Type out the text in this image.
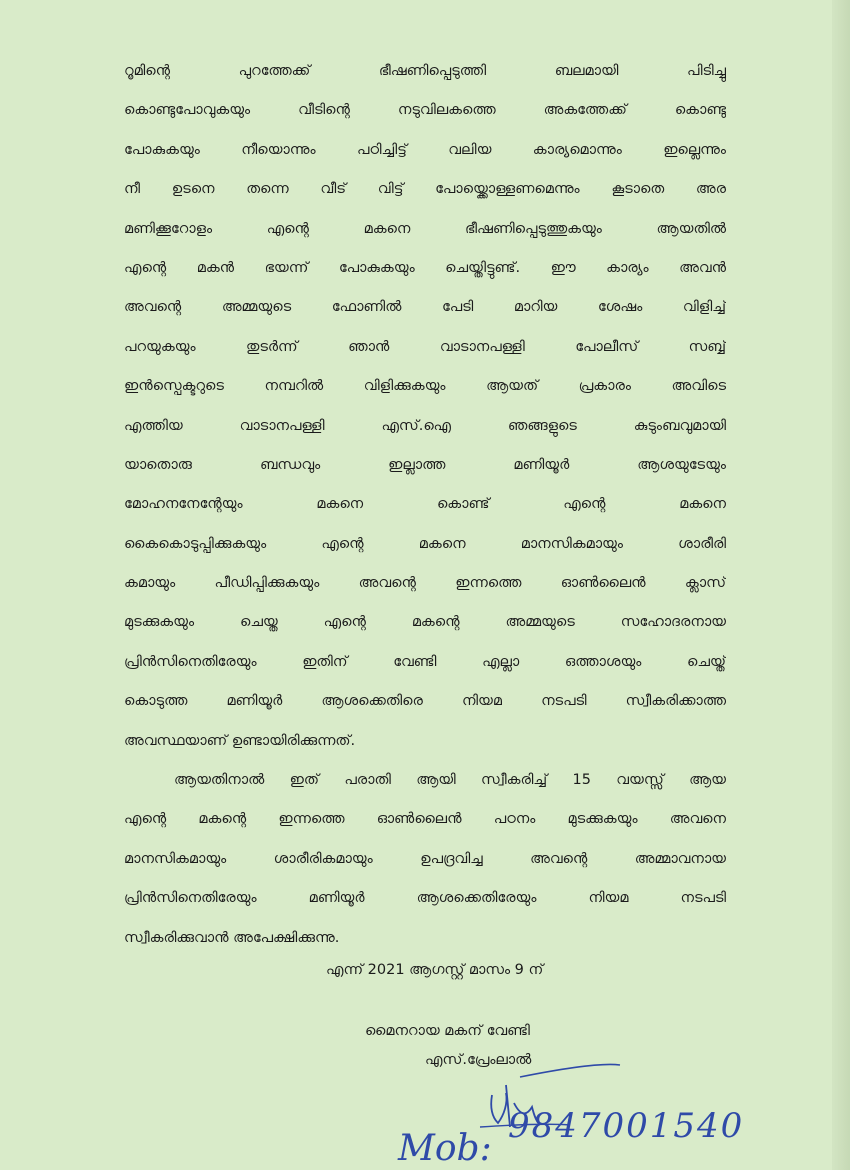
റൂമിന്റെ പുറത്തേക്ക് ഭീഷണിപ്പെടുത്തി ബലമായി പിടിച്ചു
കൊണ്ടുപോവുകയും വീടിന്റെ നടുവിലകത്തെ അകത്തേക്ക് കൊണ്ടു
പോകുകയും നീയൊന്നും പഠിച്ചിട്ട് വലിയ കാര്യമൊന്നും ഇല്ലെന്നും
നീ ഉടനെ തന്നെ വീട് വിട്ട് പോയ്ക്കൊള്ളണമെന്നും കൂടാതെ അര
മണിക്കൂറോളം എന്റെ മകനെ ഭീഷണിപ്പെടുത്തുകയും ആയതിൽ
എന്റെ മകൻ ഭയന്ന് പോകുകയും ചെയ്തിട്ടുണ്ട്. ഈ കാര്യം അവൻ
അവന്റെ അമ്മയുടെ ഫോണിൽ പേടി മാറിയ ശേഷം വിളിച്ച്
പറയുകയും തുടർന്ന് ഞാൻ വാടാനപള്ളി പോലീസ് സബ്ബ്
ഇൻസ്പെക്ടറുടെ നമ്പറിൽ വിളിക്കുകയും ആയത് പ്രകാരം അവിടെ
എത്തിയ വാടാനപള്ളി എസ്.ഐ ഞങ്ങളുടെ കുടുംബവുമായി
യാതൊരു ബന്ധവും ഇല്ലാത്ത മണിയൂർ ആശയുടേയും
മോഹനനേന്റേയും മകനെ കൊണ്ട് എന്റെ മകനെ
കൈകൊടുപ്പിക്കുകയും എന്റെ മകനെ മാനസികമായും ശാരീരി
കമായും പീഡിപ്പിക്കുകയും അവന്റെ ഇന്നത്തെ ഓൺലൈൻ ക്ലാസ്
മുടക്കുകയും ചെയ്ത എന്റെ മകന്റെ അമ്മയുടെ സഹോദരനായ
പ്രിൻസിനെതിരേയും ഇതിന് വേണ്ടി എല്ലാ ഒത്താശയും ചെയ്ത്
കൊടുത്ത മണിയൂർ ആശക്കെതിരെ നിയമ നടപടി സ്വീകരിക്കാത്ത
അവസ്ഥയാണ് ഉണ്ടായിരിക്കുന്നത്.
ആയതിനാൽ ഇത് പരാതി ആയി സ്വീകരിച്ച് 15 വയസ്സ് ആയ
എന്റെ മകന്റെ ഇന്നത്തെ ഓൺലൈൻ പഠനം മുടക്കുകയും അവനെ
മാനസികമായും ശാരീരികമായും ഉപദ്രവിച്ച അവന്റെ അമ്മാവനായ
പ്രിൻസിനെതിരേയും മണിയൂർ ആശക്കെതിരേയും നിയമ നടപടി
സ്വീകരിക്കുവാൻ അപേക്ഷിക്കുന്നു.
എന്ന് 2021 ആഗസ്റ്റ് മാസം 9 ന്
മൈനറായ മകന് വേണ്ടി
എസ്.പ്രേംലാൽ
Mob:
9847001540
